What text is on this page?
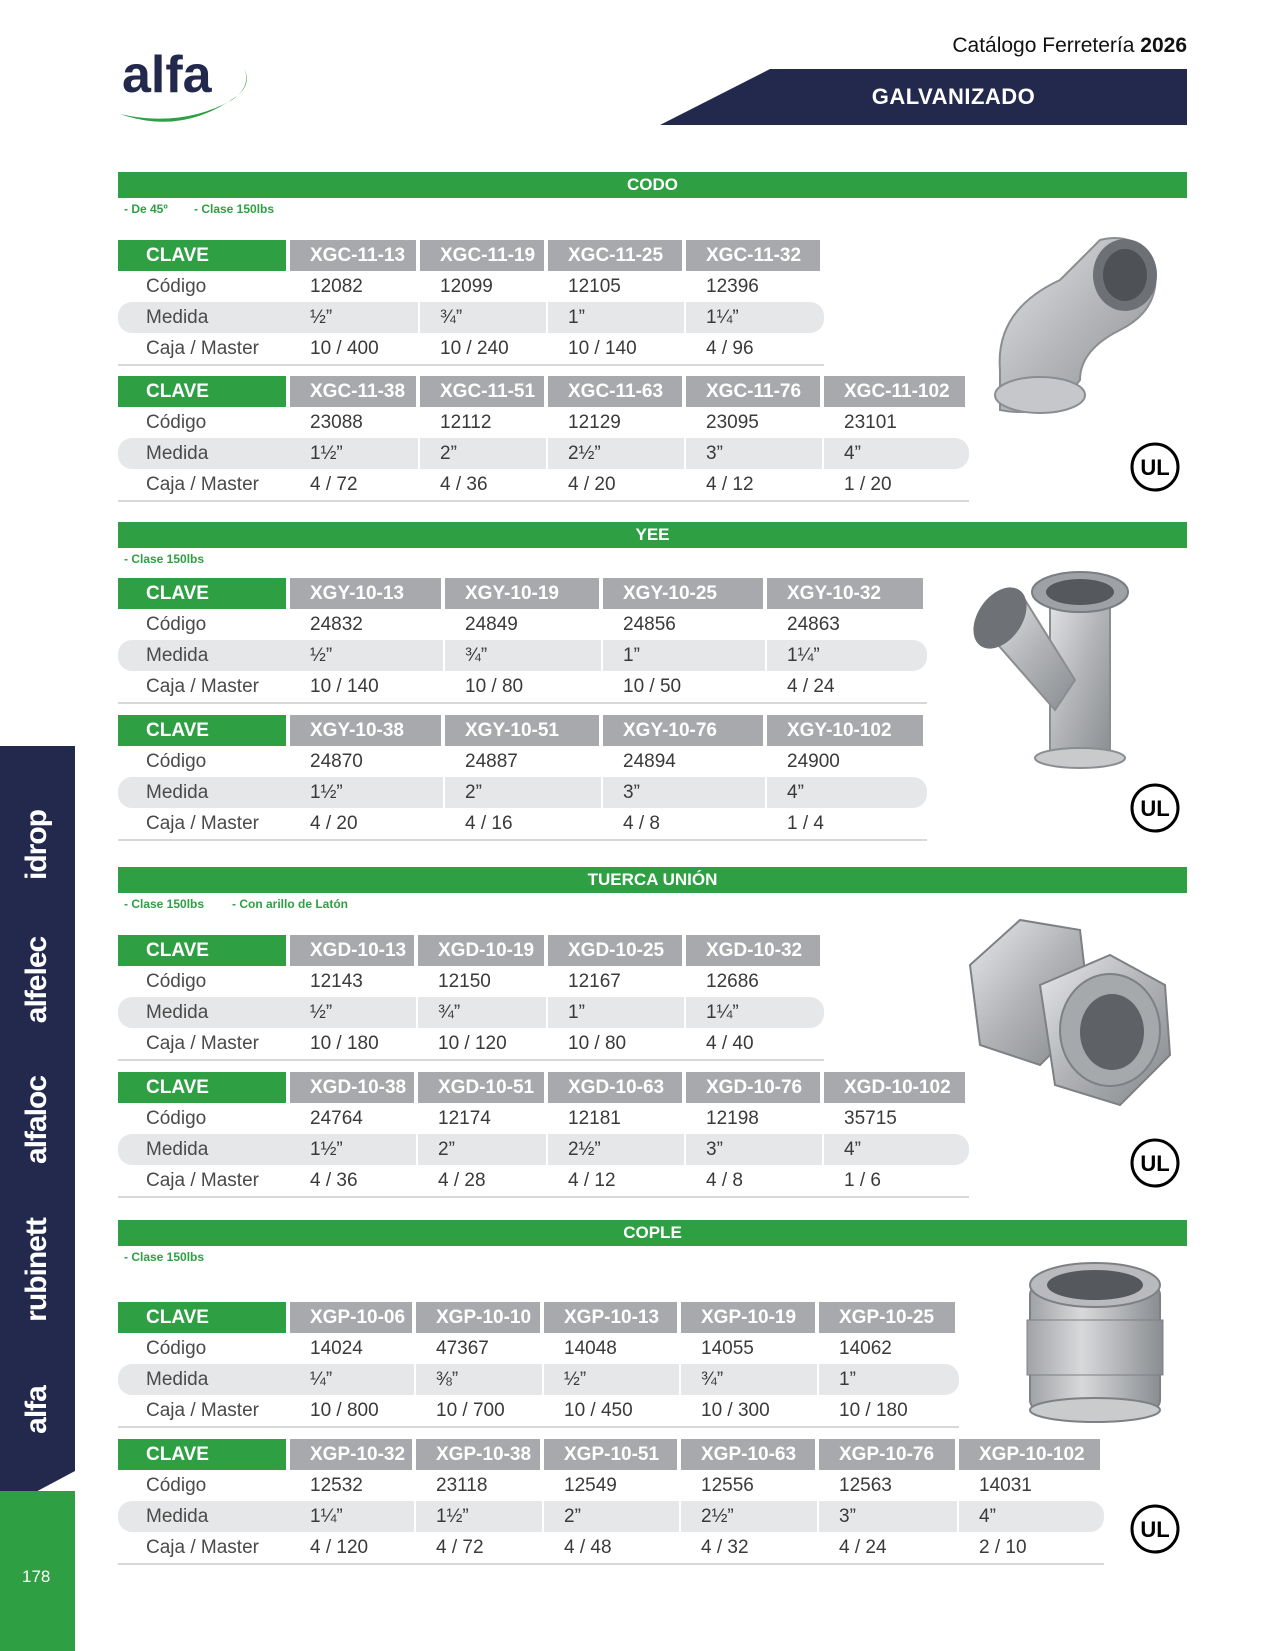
alfa
Catálogo Ferretería 2026
GALVANIZADO
idrop
alfelec
alfaloc
rubinett
alfa
178
CODO
- De 45º - Clase 150lbs
CLAVE	XGC-11-13	XGC-11-19	XGC-11-25	XGC-11-32
Código	12082	12099	12105	12396
Medida	½”	¾”	1”	1¼”
Caja / Master	10 / 400	10 / 240	10 / 140	4 / 96
CLAVE	XGC-11-38	XGC-11-51	XGC-11-63	XGC-11-76	XGC-11-102
Código	23088	12112	12129	23095	23101
Medida	1½”	2”	2½”	3”	4”
Caja / Master	4 / 72	4 / 36	4 / 20	4 / 12	1 / 20
YEE
- Clase 150lbs
CLAVE	XGY-10-13	XGY-10-19	XGY-10-25	XGY-10-32
Código	24832	24849	24856	24863
Medida	½”	¾”	1”	1¼”
Caja / Master	10 / 140	10 / 80	10 / 50	4 / 24
CLAVE	XGY-10-38	XGY-10-51	XGY-10-76	XGY-10-102
Código	24870	24887	24894	24900
Medida	1½”	2”	3”	4”
Caja / Master	4 / 20	4 / 16	4 / 8	1 / 4
TUERCA UNIÓN
- Clase 150lbs - Con arillo de Latón
CLAVE	XGD-10-13	XGD-10-19	XGD-10-25	XGD-10-32
Código	12143	12150	12167	12686
Medida	½”	¾”	1”	1¼”
Caja / Master	10 / 180	10 / 120	10 / 80	4 / 40
CLAVE	XGD-10-38	XGD-10-51	XGD-10-63	XGD-10-76	XGD-10-102
Código	24764	12174	12181	12198	35715
Medida	1½”	2”	2½”	3”	4”
Caja / Master	4 / 36	4 / 28	4 / 12	4 / 8	1 / 6
COPLE
- Clase 150lbs
CLAVE	XGP-10-06	XGP-10-10	XGP-10-13	XGP-10-19	XGP-10-25
Código	14024	47367	14048	14055	14062
Medida	¼”	⅜”	½”	¾”	1”
Caja / Master	10 / 800	10 / 700	10 / 450	10 / 300	10 / 180
CLAVE	XGP-10-32	XGP-10-38	XGP-10-51	XGP-10-63	XGP-10-76	XGP-10-102
Código	12532	23118	12549	12556	12563	14031
Medida	1¼”	1½”	2”	2½”	3”	4”
Caja / Master	4 / 120	4 / 72	4 / 48	4 / 32	4 / 24	2 / 10
UL
UL
UL
UL
